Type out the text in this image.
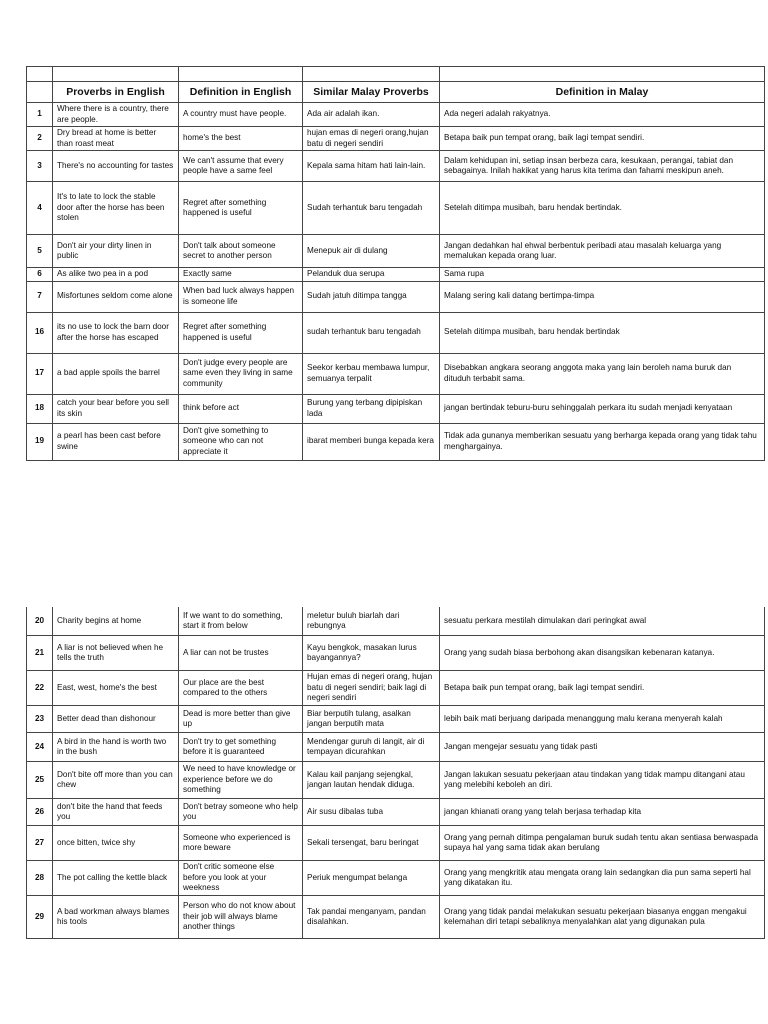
	Proverbs in English	Definition in English	Similar Malay Proverbs	Definition in Malay
1	Where there is a country, there are people.	A country must have people.	Ada air adalah ikan.	Ada negeri adalah rakyatnya.
2	Dry bread at home is better than roast meat	home's the best	hujan emas di negeri orang,hujan batu di negeri sendiri	Betapa baik pun tempat orang, baik lagi tempat sendiri.
3	There's no accounting for tastes	We can't assume that every people have a same feel	Kepala sama hitam hati lain-lain.	Dalam kehidupan ini, setiap insan berbeza cara, kesukaan, perangai, tabiat dan sebagainya. Inilah hakikat yang harus kita terima dan fahami meskipun aneh.
4	It's to late to lock the stable door after the horse has been stolen	Regret after something happened is useful	Sudah terhantuk baru tengadah	Setelah ditimpa musibah, baru hendak bertindak.
5	Don't air your dirty linen in public	Don't talk about someone secret to another person	Menepuk air di dulang	Jangan dedahkan hal ehwal berbentuk peribadi atau masalah keluarga yang memalukan kepada orang luar.
6	As alike two pea in a pod	Exactly same	Pelanduk dua serupa	Sama rupa
7	Misfortunes seldom come alone	When bad luck always happen is someone life	Sudah jatuh ditimpa tangga	Malang sering kali datang bertimpa-timpa
16	its no use to lock the barn door after the horse has escaped	Regret after something happened is useful	sudah terhantuk baru tengadah	Setelah ditimpa musibah, baru hendak bertindak
17	a bad apple spoils the barrel	Don't judge every people are same even they living in same community	Seekor kerbau membawa lumpur, semuanya terpalit	Disebabkan angkara seorang anggota maka yang lain beroleh nama buruk dan dituduh terbabit sama.
18	catch your bear before you sell its skin	think before act	Burung yang terbang dipipiskan lada	jangan bertindak teburu-buru sehinggalah perkara itu sudah menjadi kenyataan
19	a pearl has been cast before swine	Don't give something to someone who can not appreciate it	ibarat memberi bunga kepada kera	Tidak ada gunanya memberikan sesuatu yang berharga kepada orang yang tidak tahu menghargainya.
20	Charity begins at home	If we want to do something, start it from below	meletur buluh biarlah dari rebungnya	sesuatu perkara mestilah dimulakan dari peringkat awal
21	A liar is not believed when he tells the truth	A liar can not be trustes	Kayu bengkok, masakan lurus bayangannya?	Orang yang sudah biasa berbohong akan disangsikan kebenaran katanya.
22	East, west, home's the best	Our place are the best compared to the others	Hujan emas di negeri orang, hujan batu di negeri sendiri; baik lagi di negeri sendiri	Betapa baik pun tempat orang, baik lagi tempat sendiri.
23	Better dead than dishonour	Dead is more better than give up	Biar berputih tulang, asalkan jangan berputih mata	lebih baik mati berjuang daripada menanggung malu kerana menyerah kalah
24	A bird in the hand is worth two in the bush	Don't try to get something before it is guaranteed	Mendengar guruh di langit, air di tempayan dicurahkan	Jangan mengejar sesuatu yang tidak pasti
25	Don't bite off more than you can chew	We need to have knowledge or experience before we do something	Kalau kail panjang sejengkal, jangan lautan hendak diduga.	Jangan lakukan sesuatu pekerjaan atau tindakan yang tidak mampu ditangani atau yang melebihi keboleh an diri.
26	don't bite the hand that feeds you	Don't betray someone who help you	Air susu dibalas tuba	jangan khianati orang yang telah berjasa terhadap kita
27	once bitten, twice shy	Someone who experienced is more beware	Sekali tersengat, baru beringat	Orang yang pernah ditimpa pengalaman buruk sudah tentu akan sentiasa berwaspada supaya hal yang sama tidak akan berulang
28	The pot calling the kettle black	Don't critic someone else before you look at your weekness	Periuk mengumpat belanga	Orang yang mengkritik atau mengata orang lain sedangkan dia pun sama seperti hal yang dikatakan itu.
29	A bad workman always blames his tools	Person who do not know about their job will always blame another things	Tak pandai menganyam, pandan disalahkan.	Orang yang tidak pandai melakukan sesuatu pekerjaan biasanya enggan mengakui kelemahan diri tetapi sebaliknya menyalahkan alat yang digunakan pula
